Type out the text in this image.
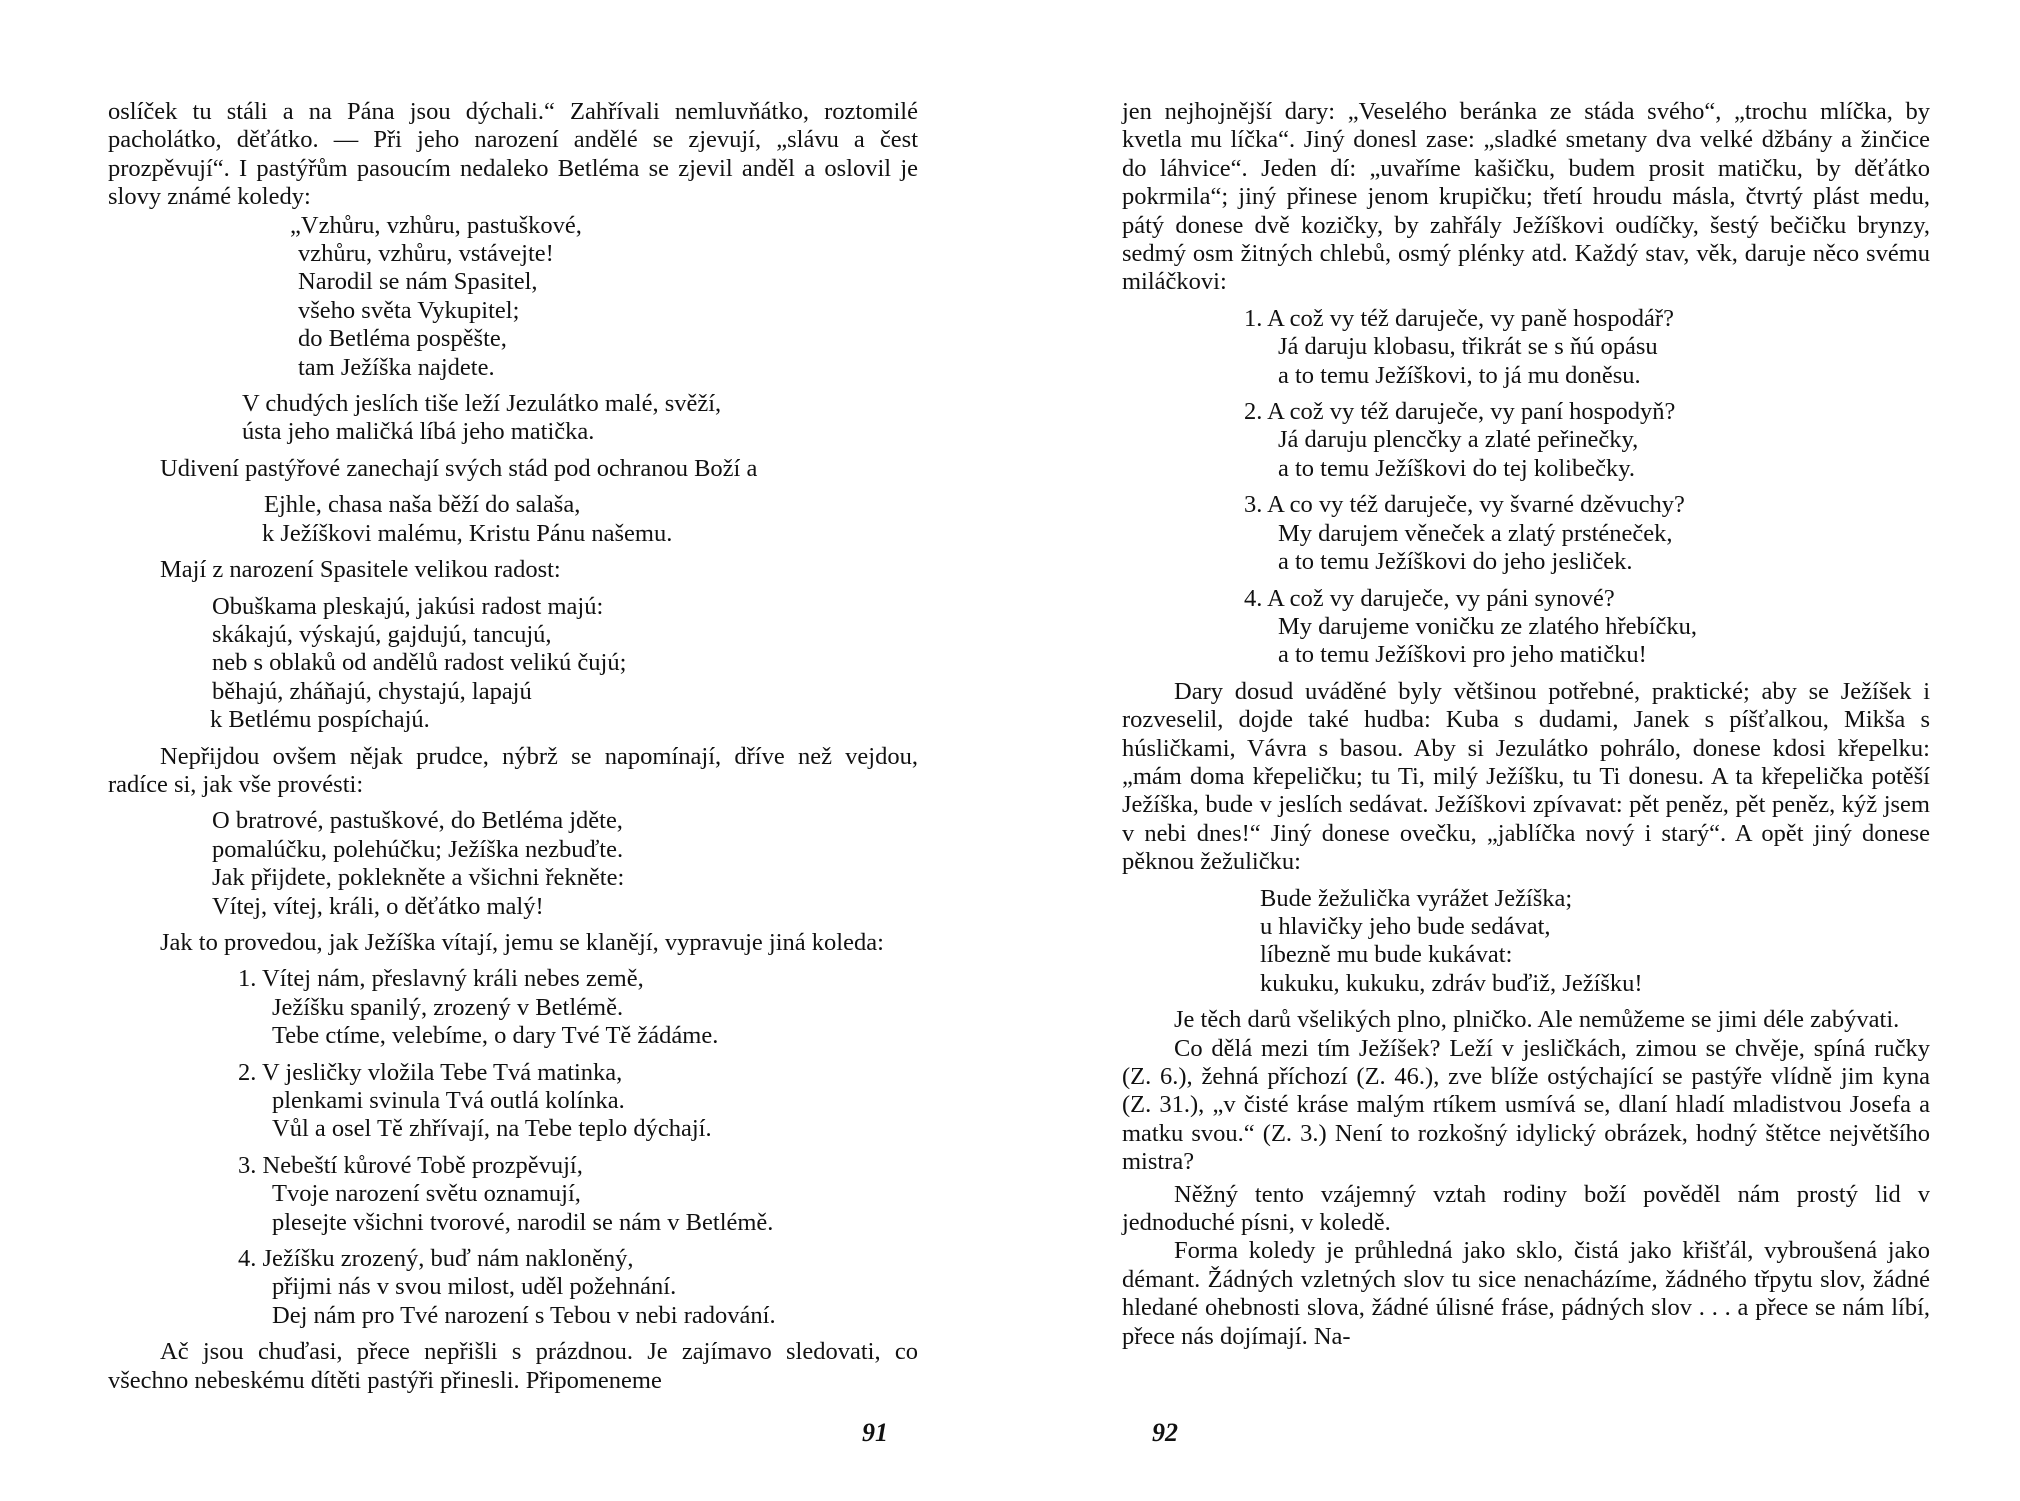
oslíček tu stáli a na Pána jsou dýchali.“ Zahřívali nemluvňátko, roztomilé pacholátko, děťátko. — Při jeho narození andělé se zjevují, „slávu a čest prozpěvují“. I pastýřům pasoucím nedaleko Betléma se zjevil anděl a oslovil je slovy známé koledy:

„Vzhůru, vzhůru, pastuškové,
vzhůru, vzhůru, vstávejte!
Narodil se nám Spasitel,
všeho světa Vykupitel;
do Betléma pospěšte,
tam Ježíška najdete.
V chudých jeslích tiše leží Jezulátko malé, svěží,
ústa jeho maličká líbá jeho matička.

Udivení pastýřové zanechají svých stád pod ochranou Boží a

Ejhle, chasa naša běží do salaša,
k Ježíškovi malému, Kristu Pánu našemu.

Mají z narození Spasitele velikou radost:

Obuškama pleskajú, jakúsi radost majú:
skákajú, výskajú, gajdujú, tancujú,
neb s oblaků od andělů radost velikú čujú;
běhajú, zháňajú, chystajú, lapajú
k Betlému pospíchajú.

Nepřijdou ovšem nějak prudce, nýbrž se napomínají, dříve než vejdou, radíce si, jak vše provésti:

O bratrové, pastuškové, do Betléma jděte,
pomalúčku, polehúčku; Ježíška nezbuďte.
Jak přijdete, poklekněte a všichni řekněte:
Vítej, vítej, králi, o děťátko malý!

Jak to provedou, jak Ježíška vítají, jemu se klanějí, vypravuje jiná koleda:

1. Vítej nám, přeslavný králi nebes země,
Ježíšku spanilý, zrozený v Betlémě.
Tebe ctíme, velebíme, o dary Tvé Tě žádáme.
2. V jesličky vložila Tebe Tvá matinka,
plenkami svinula Tvá outlá kolínka.
Vůl a osel Tě zhřívají, na Tebe teplo dýchají.
3. Nebeští kůrové Tobě prozpěvují,
Tvoje narození světu oznamují,
plesejte všichni tvorové, narodil se nám v Betlémě.
4. Ježíšku zrozený, buď nám nakloněný,
přijmi nás v svou milost, uděl požehnání.
Dej nám pro Tvé narození s Tebou v nebi radování.

Ač jsou chuďasi, přece nepřišli s prázdnou. Je zajímavo sledovati, co všechno nebeskému dítěti pastýři přinesli. Připomeneme

91

jen nejhojnější dary: „Veselého beránka ze stáda svého“, „trochu mlíčka, by kvetla mu líčka“. Jiný donesl zase: „sladké smetany dva velké džbány a žinčice do láhvice“. Jeden dí: „uvaříme kašičku, budem prosit matičku, by děťátko pokrmila“; jiný přinese jenom krupičku; třetí hroudu másla, čtvrtý plást medu, pátý donese dvě kozičky, by zahřály Ježíškovi oudíčky, šestý bečičku brynzy, sedmý osm žitných chlebů, osmý plénky atd. Každý stav, věk, daruje něco svému miláčkovi:

1. A což vy též daruječe, vy paně hospodář?
Já daruju klobasu, třikrát se s ňú opásu
a to temu Ježíškovi, to já mu doněsu.
2. A což vy též daruječe, vy paní hospodyň?
Já daruju plencčky a zlaté peřinečky,
a to temu Ježíškovi do tej kolibečky.
3. A co vy též daruječe, vy švarné dzěvuchy?
My darujem věneček a zlatý prsténeček,
a to temu Ježíškovi do jeho jesliček.
4. A což vy daruječe, vy páni synové?
My darujeme voničku ze zlatého hřebíčku,
a to temu Ježíškovi pro jeho matičku!

Dary dosud uváděné byly většinou potřebné, praktické; aby se Ježíšek i rozveselil, dojde také hudba: Kuba s dudami, Janek s píšťalkou, Mikša s húsličkami, Vávra s basou. Aby si Jezulátko pohrálo, donese kdosi křepelku: „mám doma křepeličku; tu Ti, milý Ježíšku, tu Ti donesu. A ta křepelička potěší Ježíška, bude v jeslích sedávat. Ježíškovi zpívavat: pět peněz, pět peněz, kýž jsem v nebi dnes!“ Jiný donese ovečku, „jablíčka nový i starý“. A opět jiný donese pěknou žežuličku:

Bude žežulička vyrážet Ježíška;
u hlavičky jeho bude sedávat,
líbezně mu bude kukávat:
kukuku, kukuku, zdráv buďiž, Ježíšku!

Je těch darů všelikých plno, plničko. Ale nemůžeme se jimi déle zabývati.

Co dělá mezi tím Ježíšek? Leží v jesličkách, zimou se chvěje, spíná ručky (Z. 6.), žehná příchozí (Z. 46.), zve blíže ostýchající se pastýře vlídně jim kyna (Z. 31.), „v čisté kráse malým rtíkem usmívá se, dlaní hladí mladistvou Josefa a matku svou.“ (Z. 3.) Není to rozkošný idylický obrázek, hodný štětce největšího mistra?

Něžný tento vzájemný vztah rodiny boží pověděl nám prostý lid v jednoduché písni, v koledě.

Forma koledy je průhledná jako sklo, čistá jako křišťál, vybroušená jako démant. Žádných vzletných slov tu sice nenacházíme, žádného třpytu slov, žádné hledané ohebnosti slova, žádné úlisné fráse, pádných slov . . . a přece se nám líbí, přece nás dojímají. Na-

92
